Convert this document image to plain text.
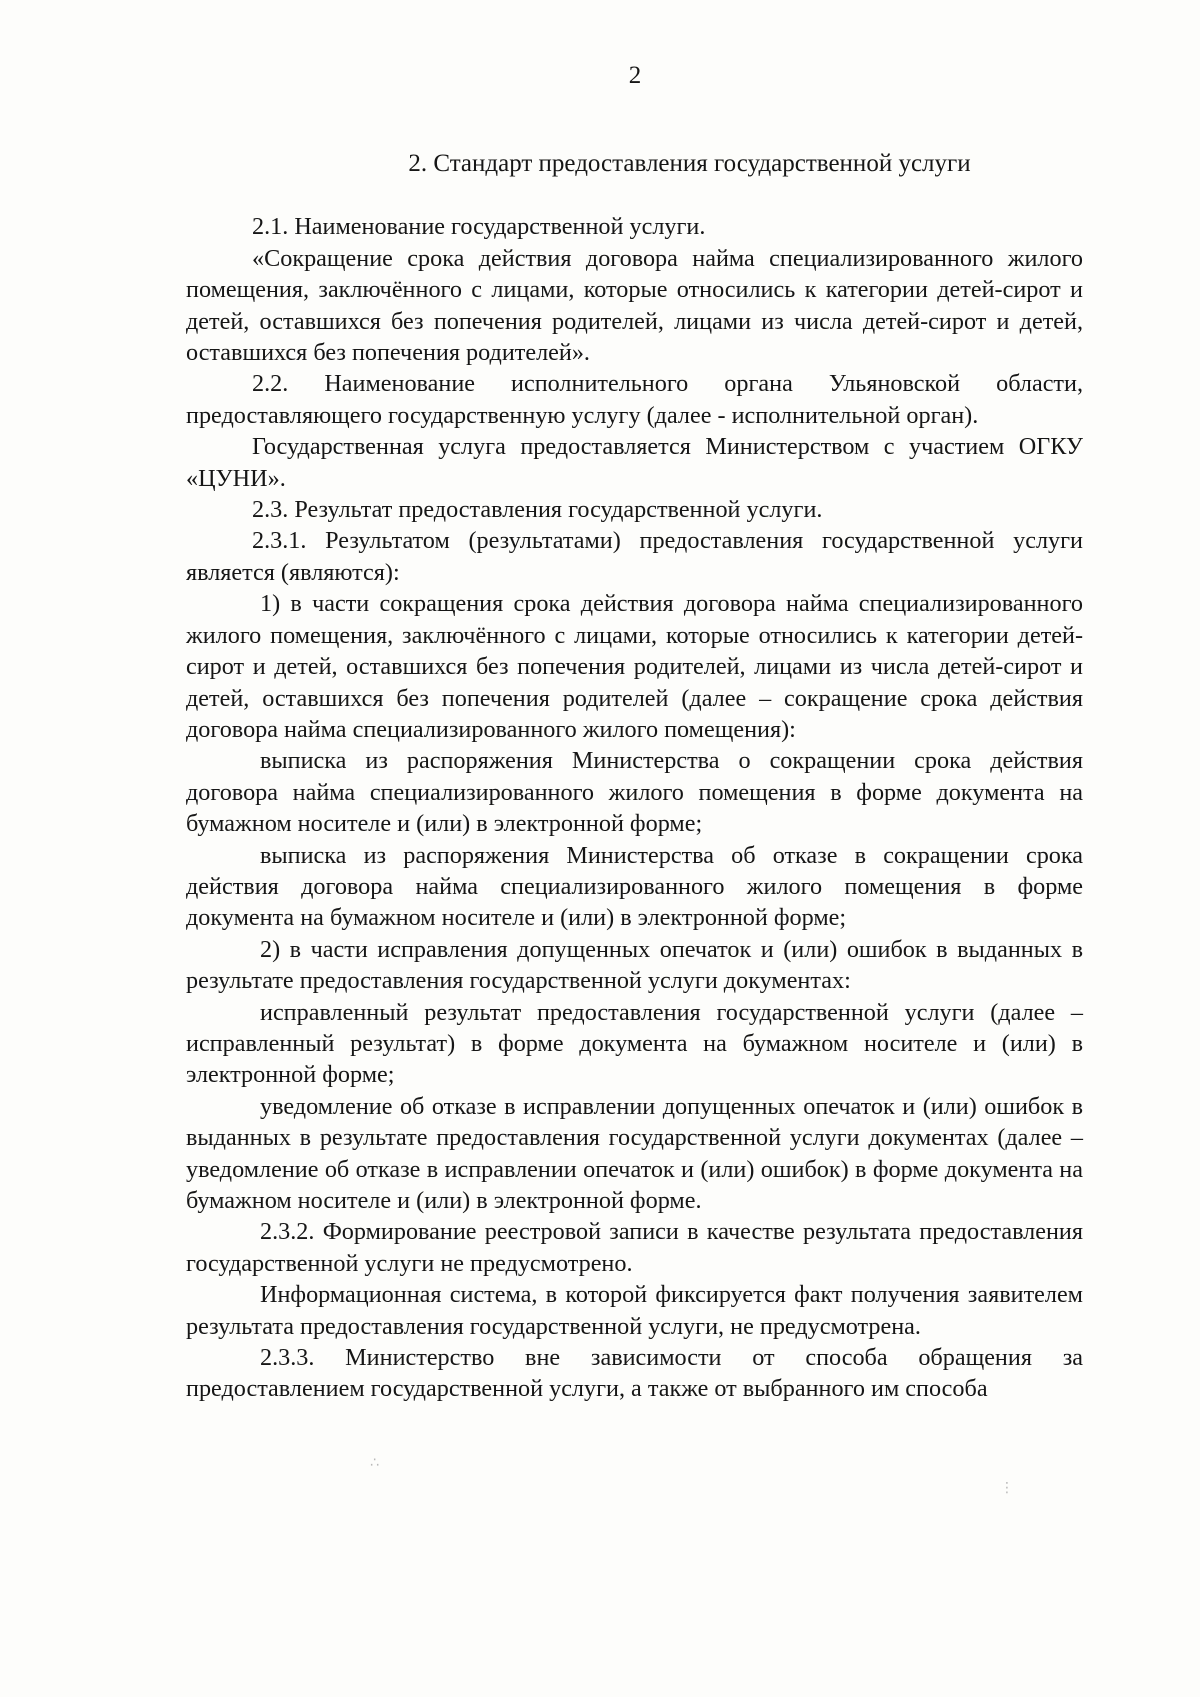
2
2. Стандарт предоставления государственной услуги

2.1. Наименование государственной услуги.

«Сокращение срока действия договора найма специализированного жилого помещения, заключённого с лицами, которые относились к категории детей-сирот и детей, оставшихся без попечения родителей, лицами из числа детей-сирот и детей, оставшихся без попечения родителей».

2.2. Наименование исполнительного органа Ульяновской области, предоставляющего государственную услугу (далее - исполнительной орган).

Государственная услуга предоставляется Министерством с участием ОГКУ «ЦУНИ».

2.3. Результат предоставления государственной услуги.

2.3.1. Результатом (результатами) предоставления государственной услуги является (являются):

1) в части сокращения срока действия договора найма специализированного жилого помещения, заключённого с лицами, которые относились к категории детей-сирот и детей, оставшихся без попечения родителей, лицами из числа детей-сирот и детей, оставшихся без попечения родителей (далее – сокращение срока действия договора найма специализированного жилого помещения):

выписка из распоряжения Министерства о сокращении срока действия договора найма специализированного жилого помещения в форме документа на бумажном носителе и (или) в электронной форме;

выписка из распоряжения Министерства об отказе в сокращении срока действия договора найма специализированного жилого помещения в форме документа на бумажном носителе и (или) в электронной форме;

2) в части исправления допущенных опечаток и (или) ошибок в выданных в результате предоставления государственной услуги документах:

исправленный результат предоставления государственной услуги (далее – исправленный результат) в форме документа на бумажном носителе и (или) в электронной форме;

уведомление об отказе в исправлении допущенных опечаток и (или) ошибок в выданных в результате предоставления государственной услуги документах (далее – уведомление об отказе в исправлении опечаток и (или) ошибок) в форме документа на бумажном носителе и (или) в электронной форме.

2.3.2. Формирование реестровой записи в качестве результата предоставления государственной услуги не предусмотрено.

Информационная система, в которой фиксируется факт получения заявителем результата предоставления государственной услуги, не предусмотрена.

2.3.3. Министерство вне зависимости от способа обращения за предоставлением государственной услуги, а также от выбранного им способа

∴
⋮
